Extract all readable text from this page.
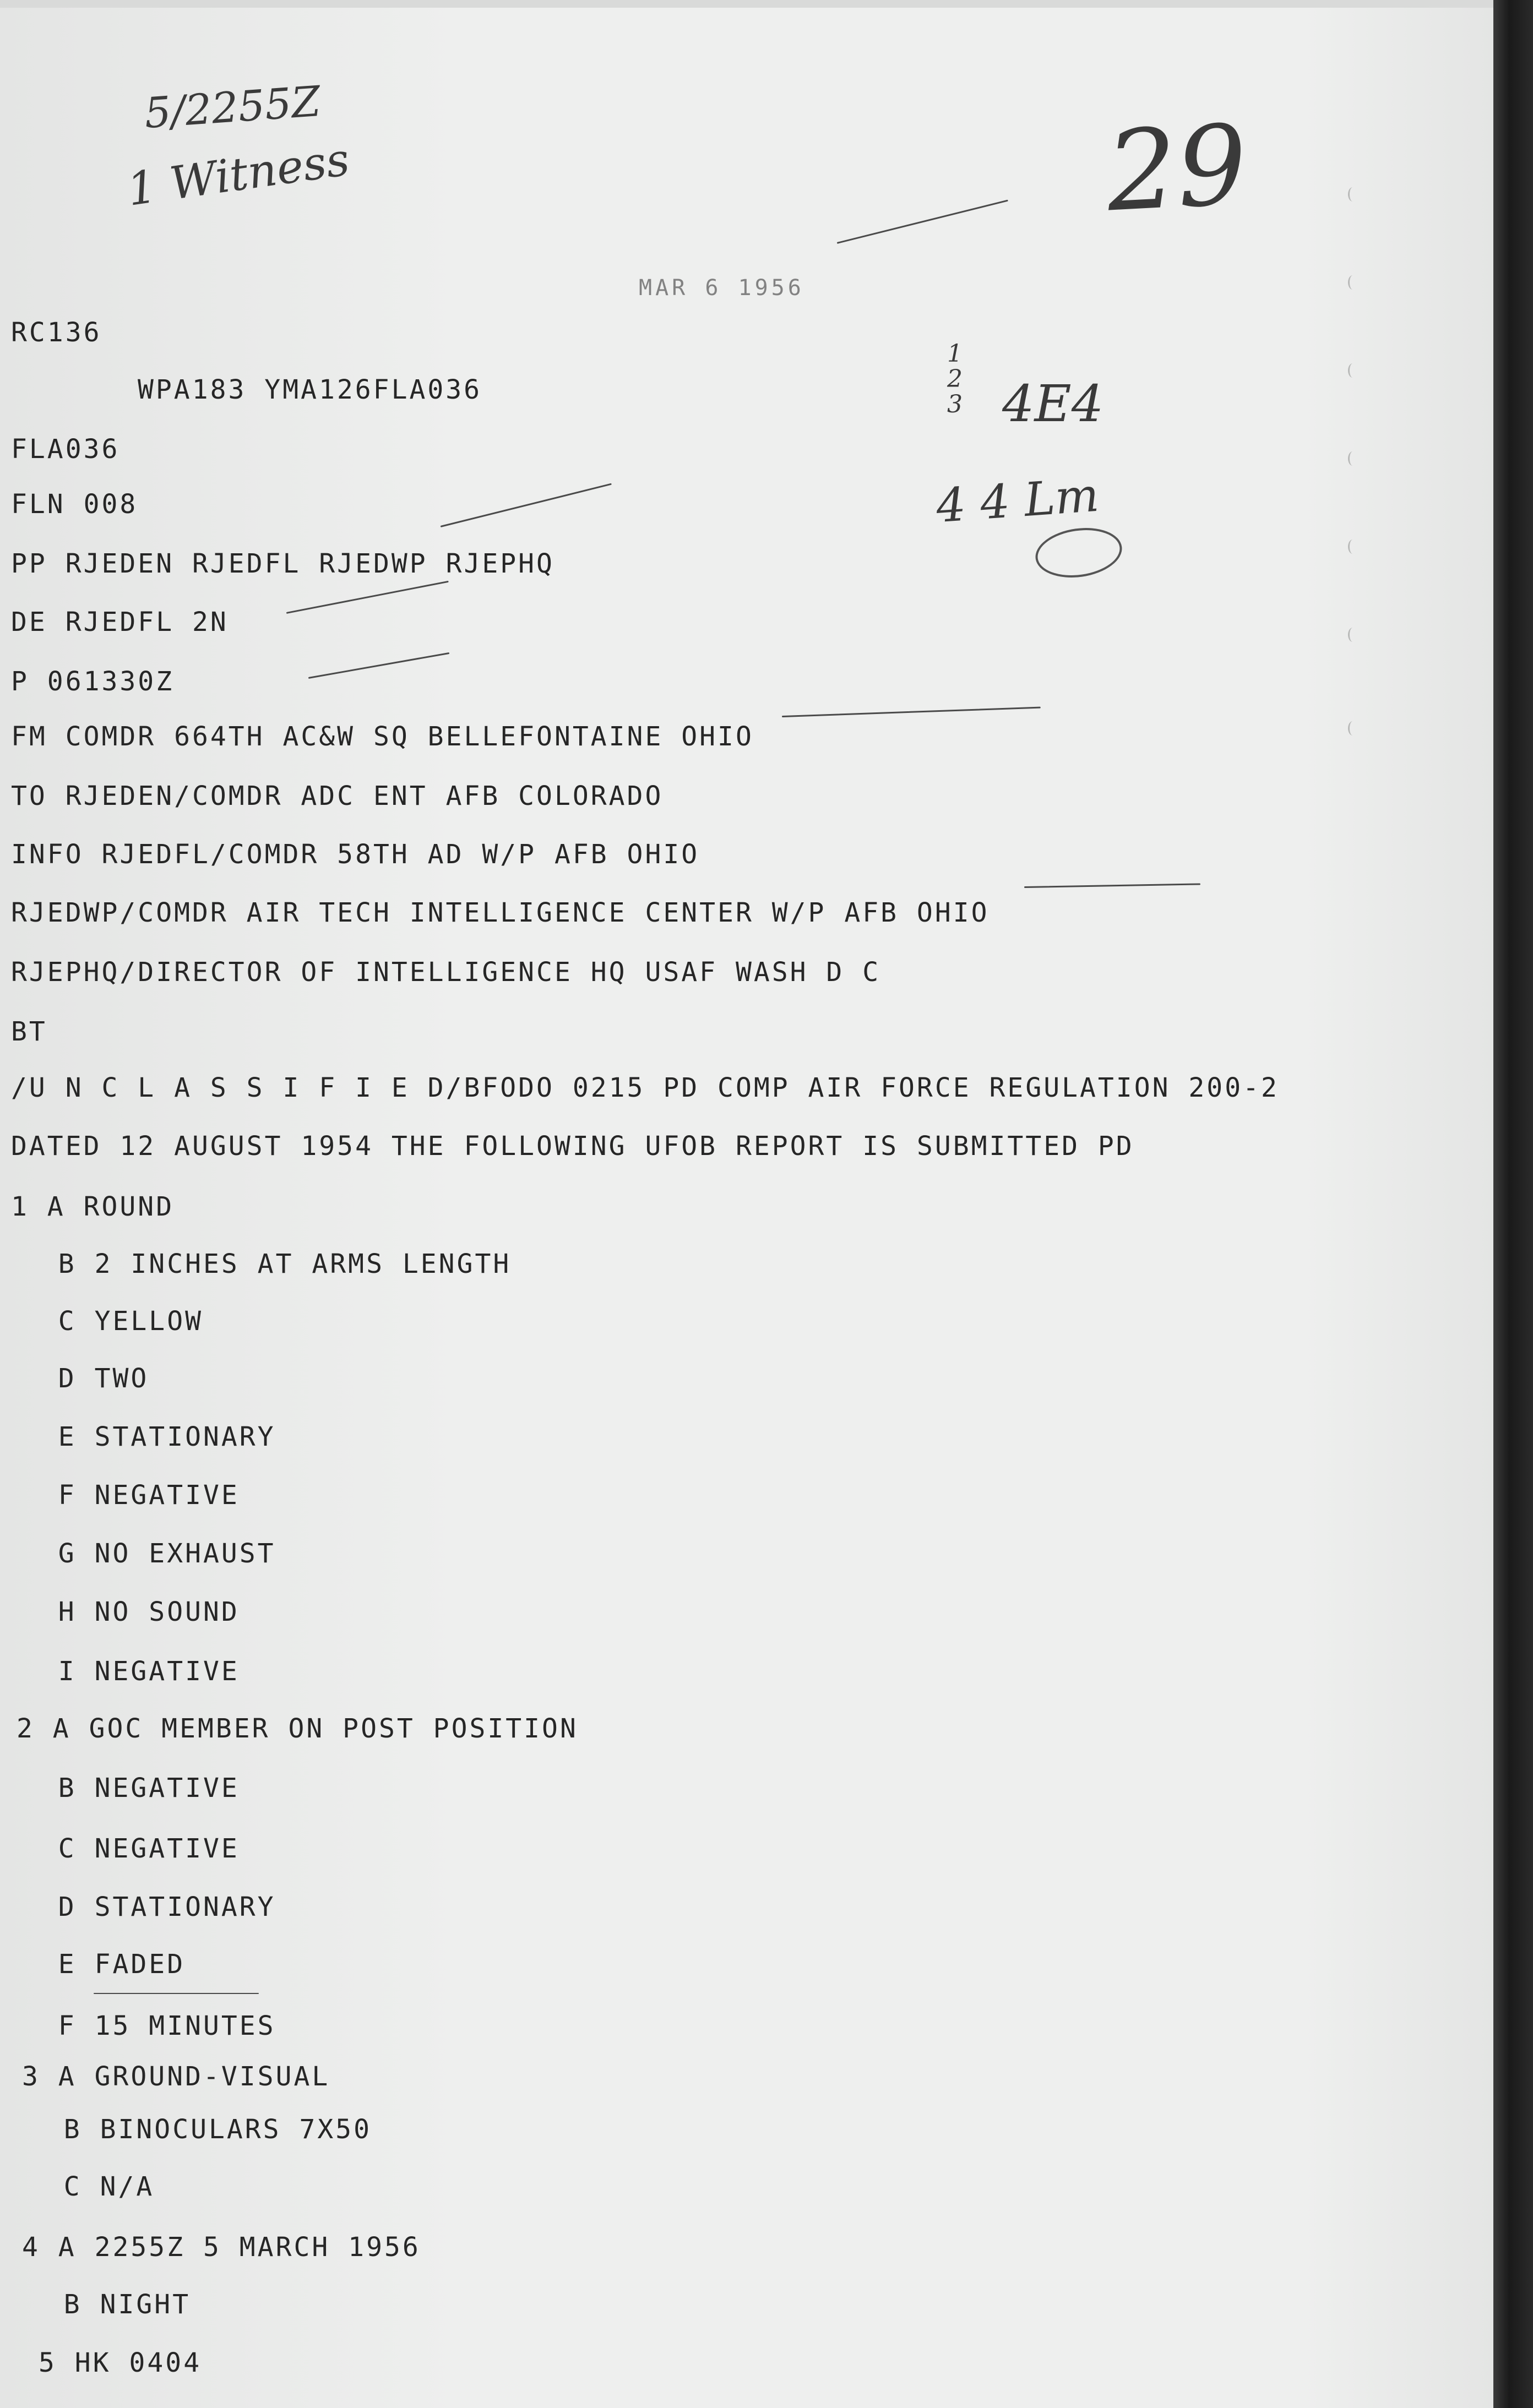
5/2255Z
1 Witness	29
1
2
3 4E4
4 4 Lm
MAR 6 1956
RC136
WPA183 YMA126FLA036
FLA036
FLN 008
PP RJEDEN RJEDFL RJEDWP RJEPHQ
DE RJEDFL 2N
P 061330Z
FM COMDR 664TH AC&W SQ BELLEFONTAINE OHIO
TO RJEDEN/COMDR ADC ENT AFB COLORADO
INFO RJEDFL/COMDR 58TH AD W/P AFB OHIO
RJEDWP/COMDR AIR TECH INTELLIGENCE CENTER W/P AFB OHIO
RJEPHQ/DIRECTOR OF INTELLIGENCE HQ USAF WASH D C
BT
/U N C L A S S I F I E D/BFODO 0215 PD COMP AIR FORCE REGULATION 200-2
DATED 12 AUGUST 1954 THE FOLLOWING UFOB REPORT IS SUBMITTED PD
1 A ROUND
B 2 INCHES AT ARMS LENGTH
C YELLOW
D TWO
E STATIONARY
F NEGATIVE
G NO EXHAUST
H NO SOUND
I NEGATIVE
2 A GOC MEMBER ON POST POSITION
B NEGATIVE
C NEGATIVE
D STATIONARY
E FADED
F 15 MINUTES
3 A GROUND-VISUAL
B BINOCULARS 7X50
C N/A
4 A 2255Z 5 MARCH 1956
B NIGHT
5 HK 0404
